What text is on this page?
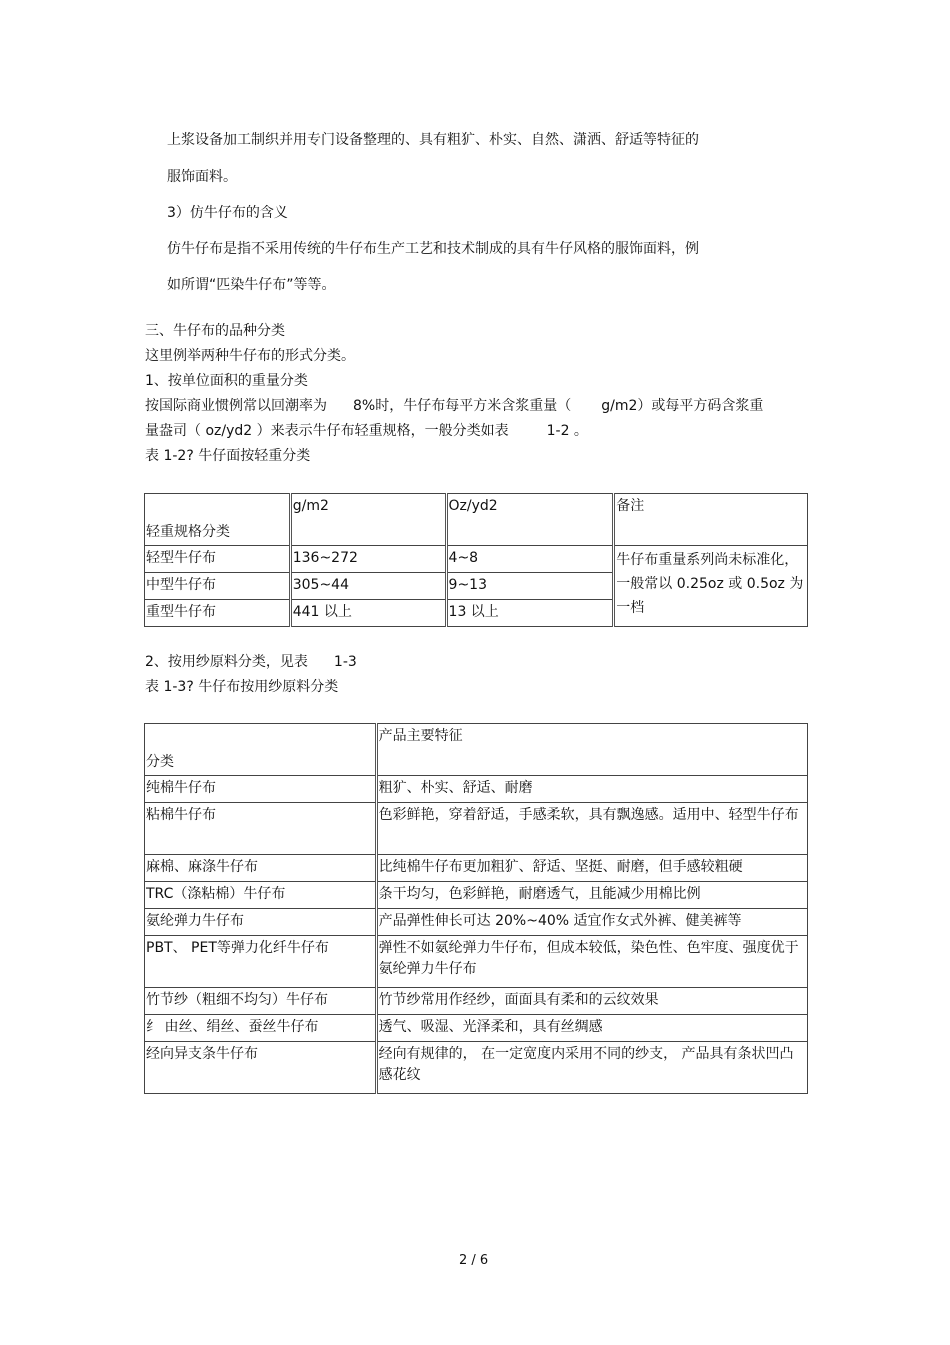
上浆设备加工制织并用专门设备整理的、具有粗犷、朴实、自然、潇洒、舒适等特征的
服饰面料。
3）仿牛仔布的含义
仿牛仔布是指不采用传统的牛仔布生产工艺和技术制成的具有牛仔风格的服饰面料，例
如所谓“匹染牛仔布”等等。
三、牛仔布的品种分类
这里例举两种牛仔布的形式分类。
1、按单位面积的重量分类
按国际商业惯例常以回潮率为 8%时，牛仔布每平方米含浆重量（ g/m2）或每平方码含浆重
量盎司（ oz/yd2 ）来表示牛仔布轻重规格，一般分类如表	1-2 。
表 1-2? 牛仔面按轻重分类
轻重规格分类	g/m2	Oz/yd2	备注
轻型牛仔布	136~272	4~8	牛仔布重量系列尚未标准化，一般常以 0.25oz 或 0.5oz 为一档
中型牛仔布	305~44	9~13	
重型牛仔布	441 以上	13 以上	
2、按用纱原料分类，见表 1-3
表 1-3? 牛仔布按用纱原料分类
分类	产品主要特征
纯棉牛仔布	粗犷、朴实、舒适、耐磨
粘棉牛仔布	色彩鲜艳，穿着舒适，手感柔软，具有飘逸感。适用中、轻型牛仔布
麻棉、麻涤牛仔布	比纯棉牛仔布更加粗犷、舒适、坚挺、耐磨，但手感较粗硬
TRC（涤粘棉）牛仔布	条干均匀，色彩鲜艳，耐磨透气，且能减少用棉比例
氨纶弹力牛仔布	产品弹性伸长可达 20%~40% 适宜作女式外裤、健美裤等
PBT、 PET等弹力化纤牛仔布	弹性不如氨纶弹力牛仔布，但成本较低，染色性、色牢度、强度优于氨纶弹力牛仔布
竹节纱（粗细不均匀）牛仔布	竹节纱常用作经纱，面面具有柔和的云纹效果
纟 由丝、绢丝、蚕丝牛仔布	透气、吸湿、光泽柔和，具有丝绸感
经向异支条牛仔布	经向有规律的， 在一定宽度内采用不同的纱支， 产品具有条状凹凸感花纹
2 / 6
